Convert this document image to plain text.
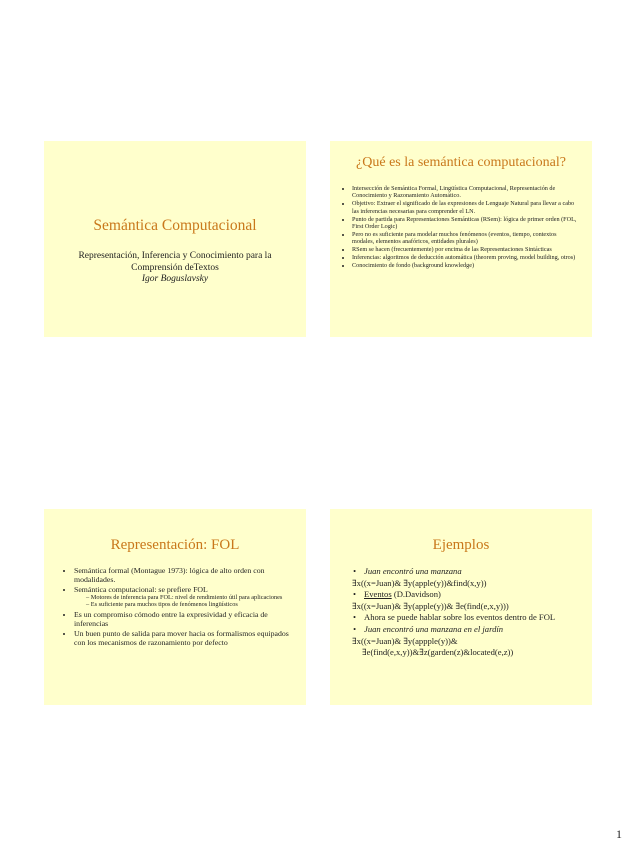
Semántica Computacional
Representación, Inferencia y Conocimiento para la Comprensión deTextos
Igor Boguslavsky
¿Qué es la semántica computacional?
• Intersección de Semántica Formal, Lingüística Computacional, Representación de Conocimiento y Razonamiento Automático.
• Objetivo: Extraer el significado de las expresiones de Lenguaje Natural para llevar a cabo las inferencias necesarias para comprender el LN.
• Punto de partida para Representaciones Semánticas (RSem): lógica de primer orden (FOL, First Order Logic)
• Pero no es suficiente para modelar muchos fenómenos (eventos, tiempo, contextos modales, elementos anafóricos, entidades plurales)
• RSem se hacen (frecuentemente) por encima de las Representaciones Sintácticas
• Inferencias: algoritmos de deducción automática (theorem proving, model building, otros)
• Conocimiento de fondo (background knowledge)
Representación: FOL
• Semántica formal (Montague 1973): lógica de alto orden con modalidades.
• Semántica computacional: se prefiere FOL
– Motores de inferencia para FOL: nivel de rendimiento útil para aplicaciones
– Es suficiente para muchos tipos de fenómenos lingüísticos
• Es un compromiso cómodo entre la expresividad y eficacia de inferencias
• Un buen punto de salida para mover hacia os formalismos equipados con los mecanismos de razonamiento por defecto
Ejemplos
• Juan encontró una manzana
∃x((x=Juan)& ∃y(apple(y))&find(x,y))
• Eventos (D.Davidson)
∃x((x=Juan)& ∃y(apple(y))& ∃e(find(e,x,y)))
• Ahora se puede hablar sobre los eventos dentro de FOL
• Juan encontró una manzana en el jardín
∃x((x=Juan)& ∃y(appple(y))&
∃e(find(e,x,y))&∃z(garden(z)&located(e,z))
1
